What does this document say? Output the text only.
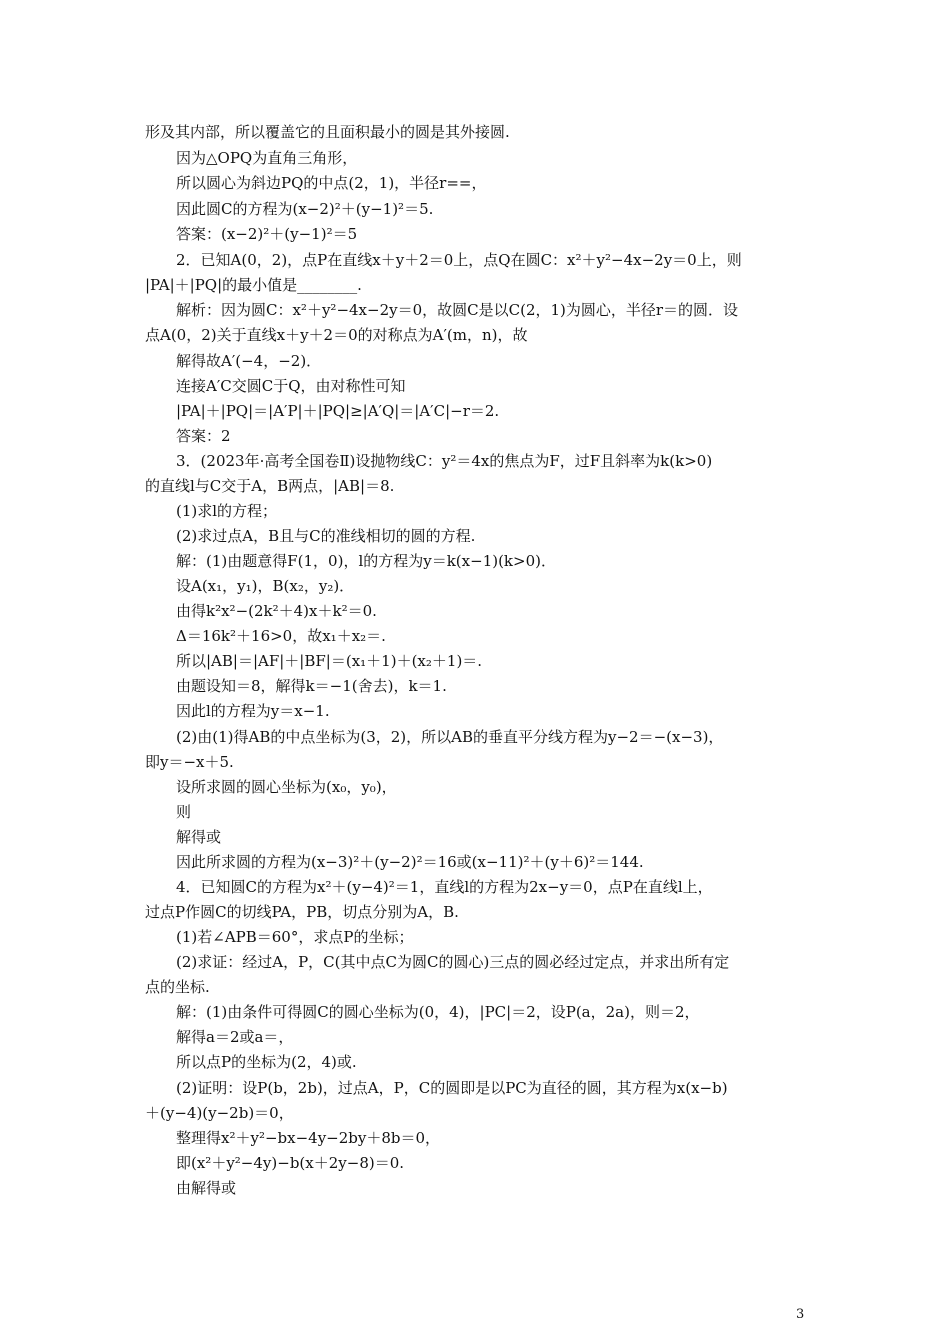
形及其内部，所以覆盖它的且面积最小的圆是其外接圆.
因为△OPQ为直角三角形，
所以圆心为斜边PQ的中点(2，1)，半径r==，
因此圆C的方程为(x−2)²＋(y−1)²＝5.
答案：(x−2)²＋(y−1)²＝5
2．已知A(0，2)，点P在直线x＋y＋2＝0上，点Q在圆C：x²＋y²−4x−2y＝0上，则
|PA|＋|PQ|的最小值是________.
解析：因为圆C：x²＋y²−4x−2y＝0，故圆C是以C(2，1)为圆心，半径r＝的圆．设
点A(0，2)关于直线x＋y＋2＝0的对称点为A′(m，n)，故
解得故A′(−4，−2)．
连接A′C交圆C于Q，由对称性可知
|PA|＋|PQ|＝|A′P|＋|PQ|≥|A′Q|＝|A′C|−r＝2.
答案：2
3．(2023年·高考全国卷Ⅱ)设抛物线C：y²＝4x的焦点为F，过F且斜率为k(k>0)
的直线l与C交于A，B两点，|AB|＝8.
(1)求l的方程；
(2)求过点A，B且与C的准线相切的圆的方程.
解：(1)由题意得F(1，0)，l的方程为y＝k(x−1)(k>0)．
设A(x₁，y₁)，B(x₂，y₂)．
由得k²x²−(2k²＋4)x＋k²＝0.
Δ＝16k²＋16>0，故x₁＋x₂＝.
所以|AB|＝|AF|＋|BF|＝(x₁＋1)＋(x₂＋1)＝.
由题设知＝8，解得k＝−1(舍去)，k＝1.
因此l的方程为y＝x−1.
(2)由(1)得AB的中点坐标为(3，2)，所以AB的垂直平分线方程为y−2＝−(x−3)，
即y＝−x＋5.
设所求圆的圆心坐标为(x₀，y₀)，
则
解得或
因此所求圆的方程为(x−3)²＋(y−2)²＝16或(x−11)²＋(y＋6)²＝144.
4．已知圆C的方程为x²＋(y−4)²＝1，直线l的方程为2x−y＝0，点P在直线l上，
过点P作圆C的切线PA，PB，切点分别为A，B.
(1)若∠APB＝60°，求点P的坐标；
(2)求证：经过A，P，C(其中点C为圆C的圆心)三点的圆必经过定点，并求出所有定
点的坐标.
解：(1)由条件可得圆C的圆心坐标为(0，4)，|PC|＝2，设P(a，2a)，则＝2，
解得a＝2或a＝，
所以点P的坐标为(2，4)或.
(2)证明：设P(b，2b)，过点A，P，C的圆即是以PC为直径的圆，其方程为x(x−b)
＋(y−4)(y−2b)＝0，
整理得x²＋y²−bx−4y−2by＋8b＝0，
即(x²＋y²−4y)−b(x＋2y−8)＝0.
由解得或
3
